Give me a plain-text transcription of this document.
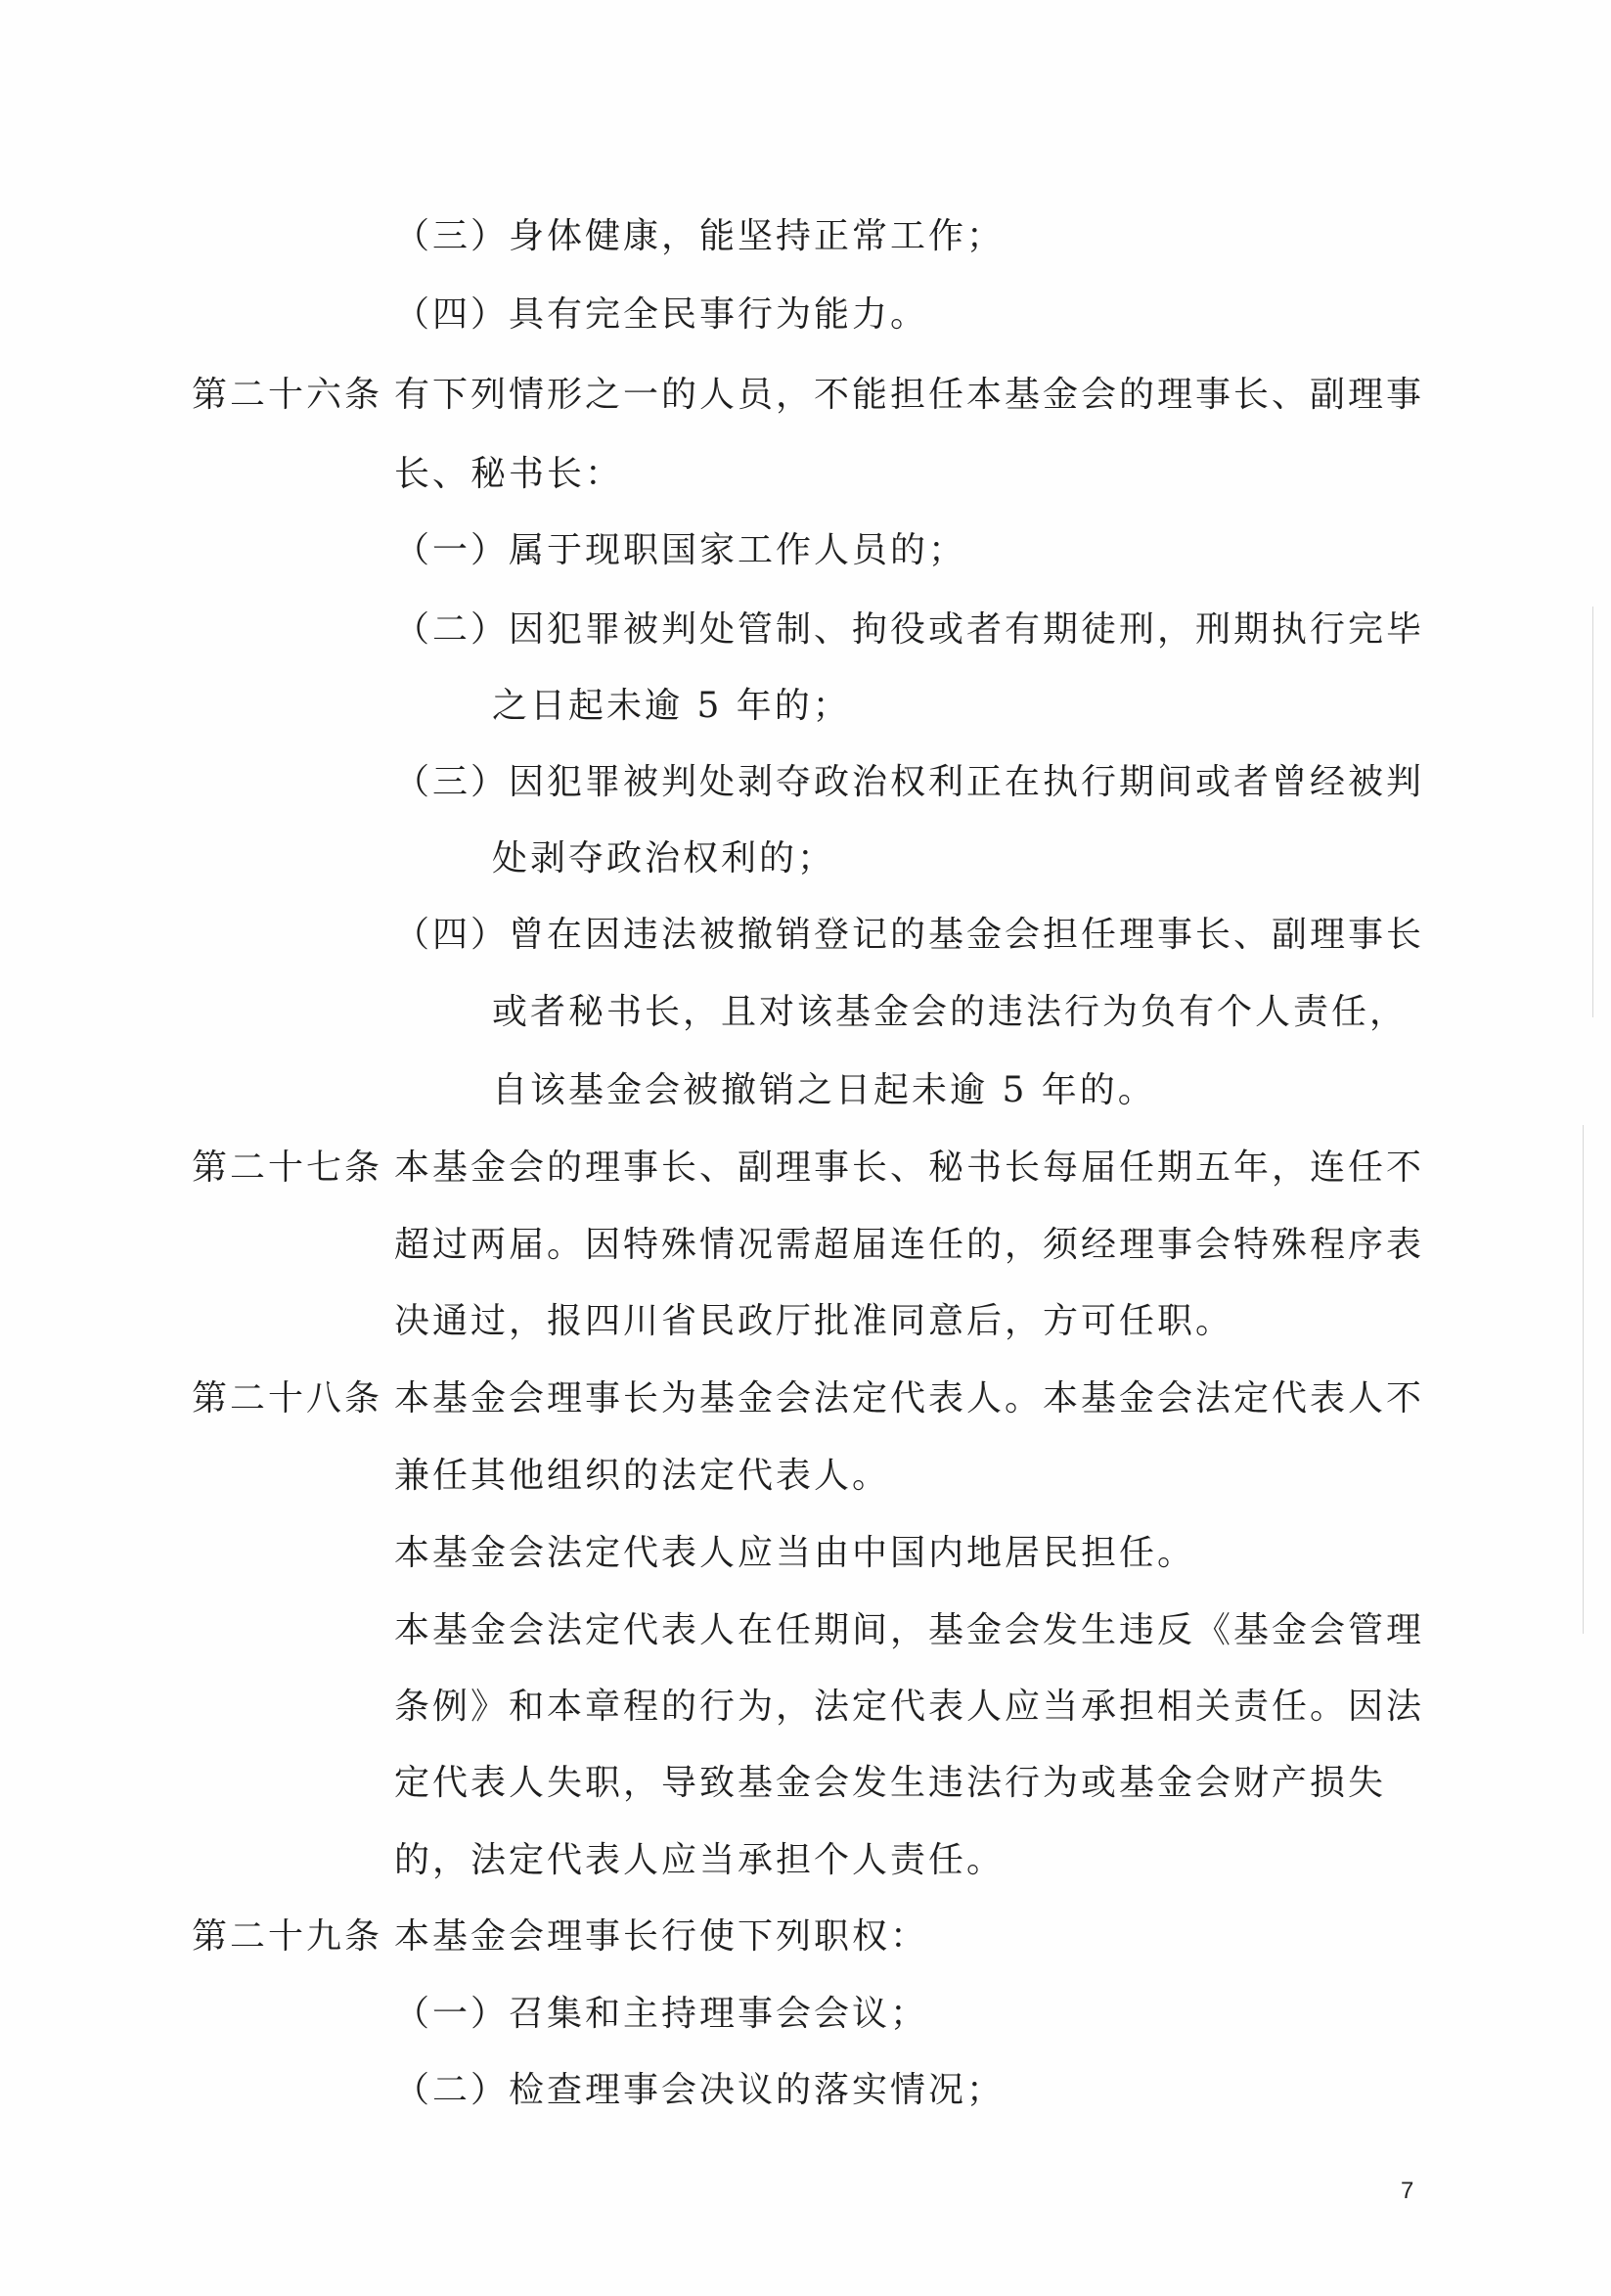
（三）身体健康，能坚持正常工作；
（四）具有完全民事行为能力。
第二十六条 有下列情形之一的人员，不能担任本基金会的理事长、副理事
长、秘书长：
（一）属于现职国家工作人员的；
（二）因犯罪被判处管制、拘役或者有期徒刑，刑期执行完毕
之日起未逾 5 年的；
（三）因犯罪被判处剥夺政治权利正在执行期间或者曾经被判
处剥夺政治权利的；
（四）曾在因违法被撤销登记的基金会担任理事长、副理事长
或者秘书长，且对该基金会的违法行为负有个人责任，
自该基金会被撤销之日起未逾 5 年的。
第二十七条 本基金会的理事长、副理事长、秘书长每届任期五年，连任不
超过两届。因特殊情况需超届连任的，须经理事会特殊程序表
决通过，报四川省民政厅批准同意后，方可任职。
第二十八条 本基金会理事长为基金会法定代表人。本基金会法定代表人不
兼任其他组织的法定代表人。
本基金会法定代表人应当由中国内地居民担任。
本基金会法定代表人在任期间，基金会发生违反《基金会管理
条例》和本章程的行为，法定代表人应当承担相关责任。因法
定代表人失职，导致基金会发生违法行为或基金会财产损失
的，法定代表人应当承担个人责任。
第二十九条 本基金会理事长行使下列职权：
（一）召集和主持理事会会议；
（二）检查理事会决议的落实情况；
7
